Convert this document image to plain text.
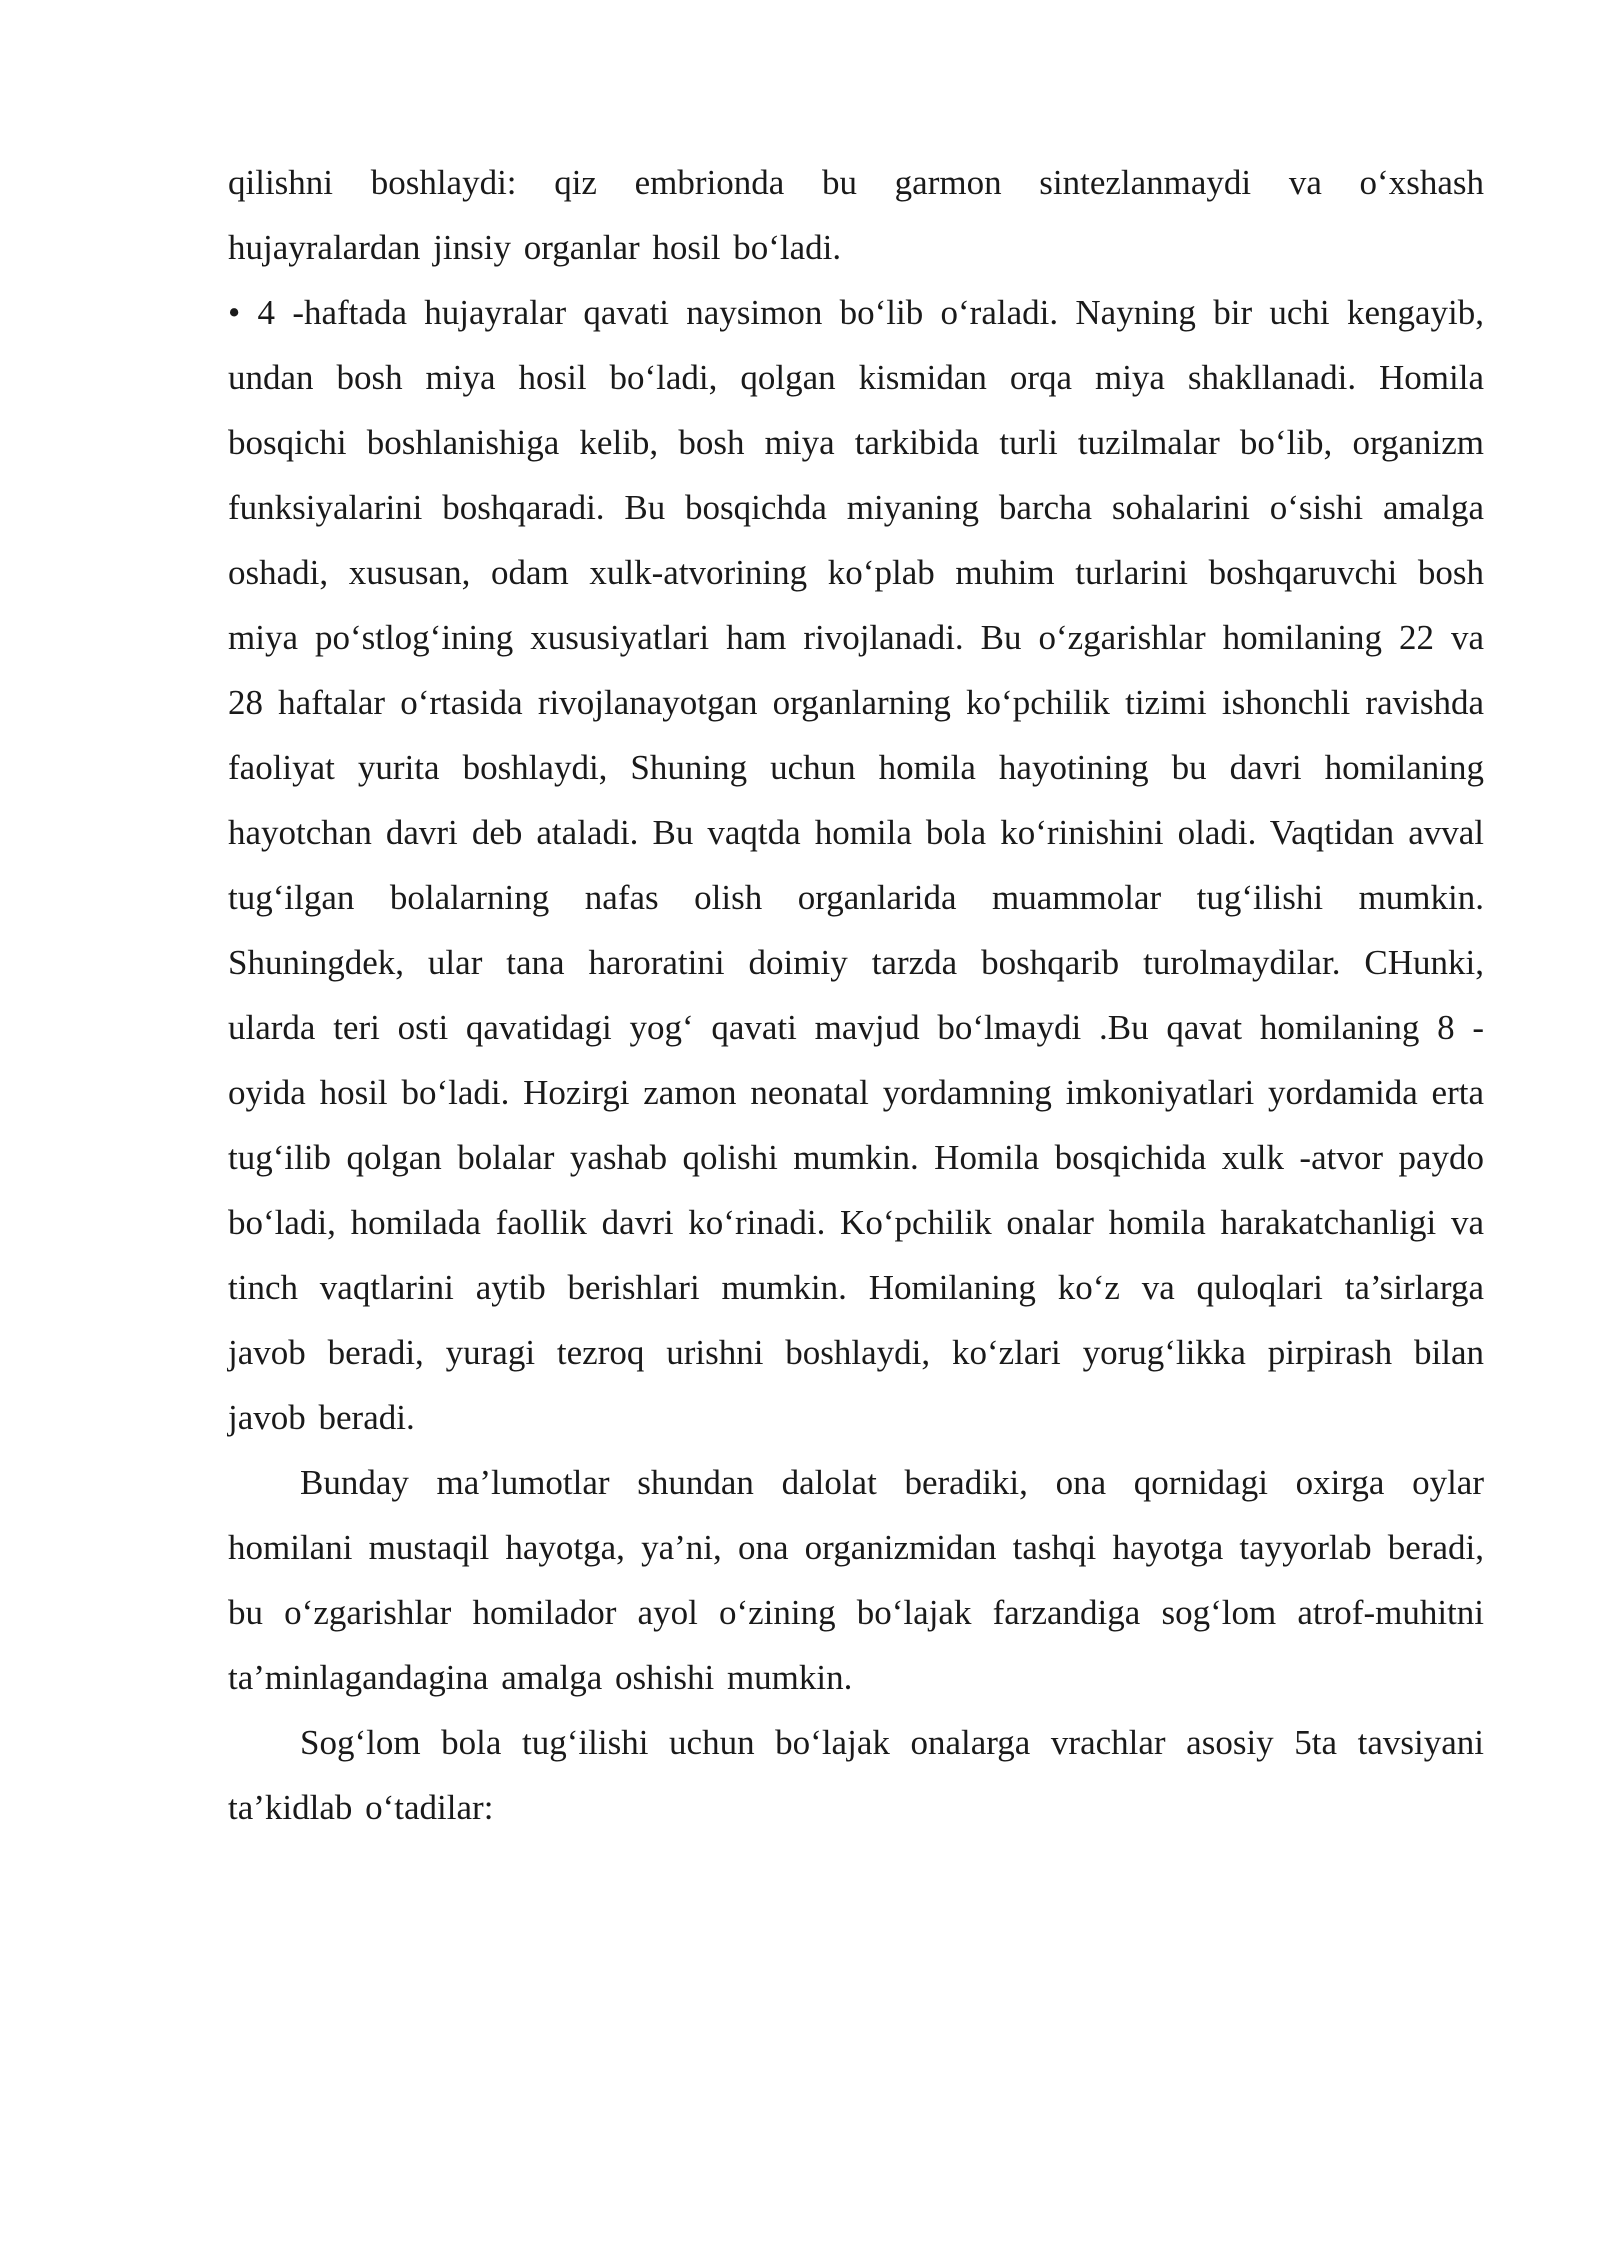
qilishni boshlaydi: qiz embrionda bu garmon sintezlanmaydi va o‘xshash hujayralardan jinsiy organlar hosil bo‘ladi.

• 4 -haftada hujayralar qavati naysimon bo‘lib o‘raladi. Nayning bir uchi kengayib, undan bosh miya hosil bo‘ladi, qolgan kismidan orqa miya shakllanadi. Homila bosqichi boshlanishiga kelib, bosh miya tarkibida turli tuzilmalar bo‘lib, organizm funksiyalarini boshqaradi. Bu bosqichda miyaning barcha sohalarini o‘sishi amalga oshadi, xususan, odam xulk-atvorining ko‘plab muhim turlarini boshqaruvchi bosh miya po‘stlog‘ining xususiyatlari ham rivojlanadi. Bu o‘zgarishlar homilaning 22 va 28 haftalar o‘rtasida rivojlanayotgan organlarning ko‘pchilik tizimi ishonchli ravishda faoliyat yurita boshlaydi, Shuning uchun homila hayotining bu davri homilaning hayotchan davri deb ataladi. Bu vaqtda homila bola ko‘rinishini oladi. Vaqtidan avval tug‘ilgan bolalarning nafas olish organlarida muammolar tug‘ilishi mumkin. Shuningdek, ular tana haroratini doimiy tarzda boshqarib turolmaydilar. CHunki, ularda teri osti qavatidagi yog‘ qavati mavjud bo‘lmaydi .Bu qavat homilaning 8 - oyida hosil bo‘ladi. Hozirgi zamon neonatal yordamning imkoniyatlari yordamida erta tug‘ilib qolgan bolalar yashab qolishi mumkin. Homila bosqichida xulk -atvor paydo bo‘ladi, homilada faollik davri ko‘rinadi. Ko‘pchilik onalar homila harakatchanligi va tinch vaqtlarini aytib berishlari mumkin. Homilaning ko‘z va quloqlari ta’sirlarga javob beradi, yuragi tezroq urishni boshlaydi, ko‘zlari yorug‘likka pirpirash bilan javob beradi.

Bunday ma’lumotlar shundan dalolat beradiki, ona qornidagi oxirga oylar homilani mustaqil hayotga, ya’ni, ona organizmidan tashqi hayotga tayyorlab beradi, bu o‘zgarishlar homilador ayol o‘zining bo‘lajak farzandiga sog‘lom atrof-muhitni ta’minlagandagina amalga oshishi mumkin.

Sog‘lom bola tug‘ilishi uchun bo‘lajak onalarga vrachlar asosiy 5ta tavsiyani ta’kidlab o‘tadilar:
